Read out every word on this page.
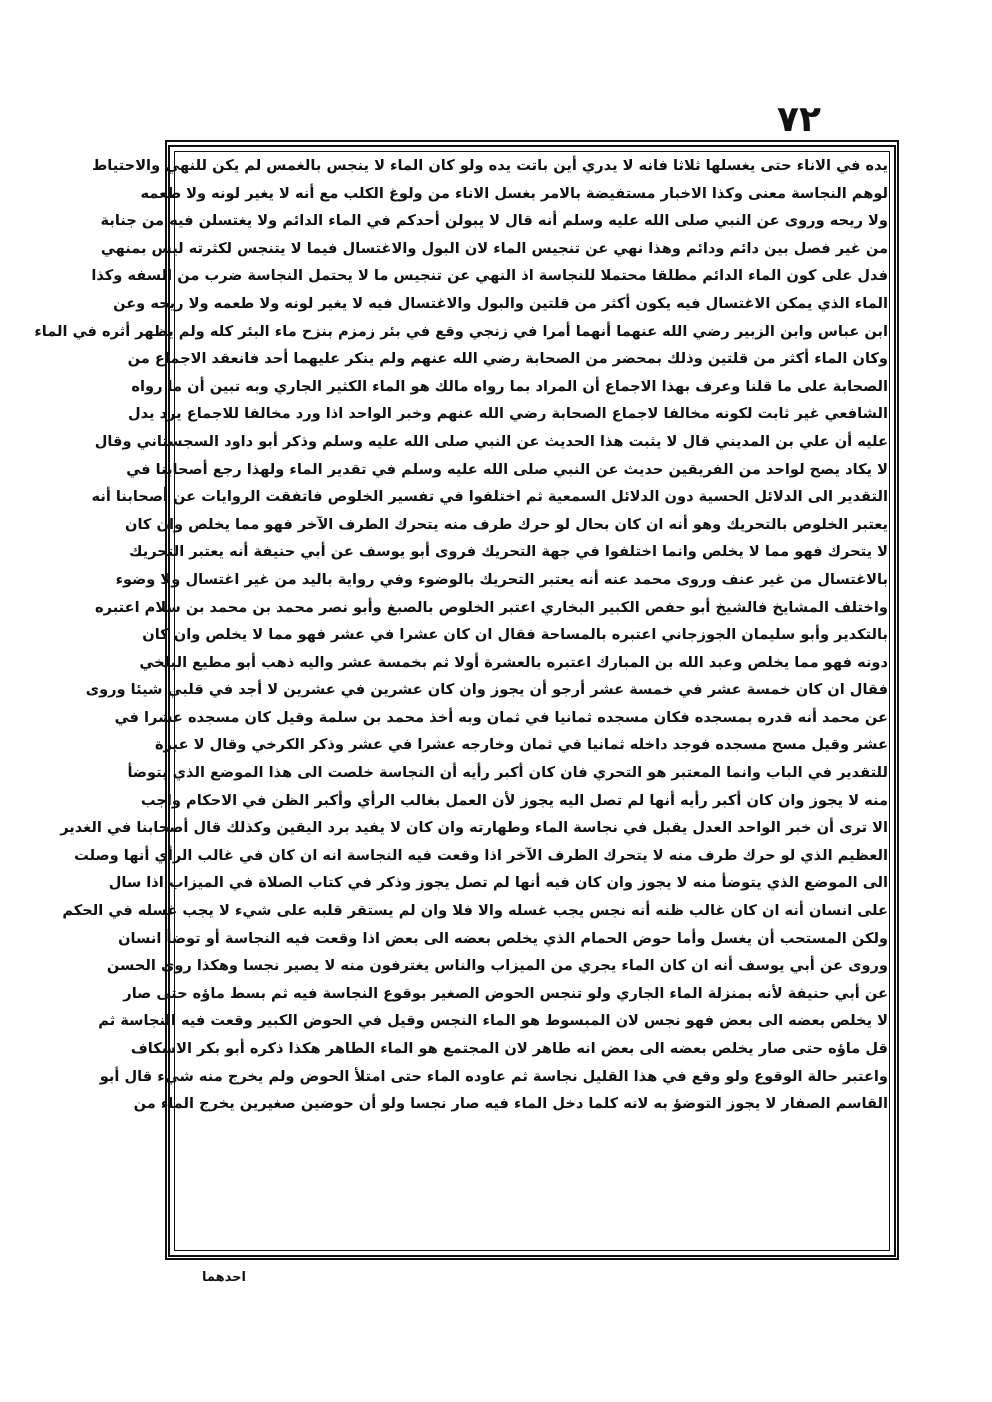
٧٢
يده في الاناء حتى يغسلها ثلاثا فانه لا يدري أين باتت يده ولو كان الماء لا ينجس بالغمس لم يكن للنهي والاحتياط
لوهم النجاسة معنى وكذا الاخبار مستفيضة بالامر بغسل الاناء من ولوغ الكلب مع أنه لا يغير لونه ولا طعمه
ولا ريحه وروى عن النبي صلى الله عليه وسلم أنه قال لا يبولن أحدكم في الماء الدائم ولا يغتسلن فيه من جنابة
من غير فصل بين دائم ودائم وهذا نهي عن تنجيس الماء لان البول والاغتسال فيما لا يتنجس لكثرته ليس بمنهي
فدل على كون الماء الدائم مطلقا محتملا للنجاسة اذ النهي عن تنجيس ما لا يحتمل النجاسة ضرب من السفه وكذا
الماء الذي يمكن الاغتسال فيه يكون أكثر من قلتين والبول والاغتسال فيه لا يغير لونه ولا طعمه ولا ريحه وعن
ابن عباس وابن الزبير رضي الله عنهما أنهما أمرا في زنجي وقع في بئر زمزم بنزح ماء البئر كله ولم يظهر أثره في الماء
وكان الماء أكثر من قلتين وذلك بمحضر من الصحابة رضي الله عنهم ولم ينكر عليهما أحد فانعقد الاجماع من
الصحابة على ما قلنا وعرف بهذا الاجماع أن المراد بما رواه مالك هو الماء الكثير الجاري وبه تبين أن ما رواه
الشافعي غير ثابت لكونه مخالفا لاجماع الصحابة رضي الله عنهم وخبر الواحد اذا ورد مخالفا للاجماع يرد يدل
عليه أن علي بن المديني قال لا يثبت هذا الحديث عن النبي صلى الله عليه وسلم وذكر أبو داود السجستاني وقال
لا يكاد يصح لواحد من الفريقين حديث عن النبي صلى الله عليه وسلم في تقدير الماء ولهذا رجع أصحابنا في
التقدير الى الدلائل الحسية دون الدلائل السمعية ثم اختلفوا في تفسير الخلوص فاتفقت الروايات عن أصحابنا أنه
يعتبر الخلوص بالتحريك وهو أنه ان كان بحال لو حرك طرف منه يتحرك الطرف الآخر فهو مما يخلص وان كان
لا يتحرك فهو مما لا يخلص وانما اختلفوا في جهة التحريك فروى أبو يوسف عن أبي حنيفة أنه يعتبر التحريك
بالاغتسال من غير عنف وروى محمد عنه أنه يعتبر التحريك بالوضوء وفي رواية باليد من غير اغتسال ولا وضوء
واختلف المشايخ فالشيخ أبو حفص الكبير البخاري اعتبر الخلوص بالصبغ وأبو نصر محمد بن محمد بن سلام اعتبره
بالتكدير وأبو سليمان الجوزجاني اعتبره بالمساحة فقال ان كان عشرا في عشر فهو مما لا يخلص وان كان
دونه فهو مما يخلص وعبد الله بن المبارك اعتبره بالعشرة أولا ثم بخمسة عشر واليه ذهب أبو مطيع البلخي
فقال ان كان خمسة عشر في خمسة عشر أرجو أن يجوز وان كان عشرين في عشرين لا أجد في قلبي شيئا وروى
عن محمد أنه قدره بمسجده فكان مسجده ثمانيا في ثمان وبه أخذ محمد بن سلمة وقيل كان مسجده عشرا في
عشر وقيل مسح مسجده فوجد داخله ثمانيا في ثمان وخارجه عشرا في عشر وذكر الكرخي وقال لا عبرة
للتقدير في الباب وانما المعتبر هو التحري فان كان أكبر رأيه أن النجاسة خلصت الى هذا الموضع الذي يتوضأ
منه لا يجوز وان كان أكبر رأيه أنها لم تصل اليه يجوز لأن العمل بغالب الرأي وأكبر الظن في الاحكام واجب
الا ترى أن خبر الواحد العدل يقبل في نجاسة الماء وطهارته وان كان لا يفيد برد اليقين وكذلك قال أصحابنا في الغدير
العظيم الذي لو حرك طرف منه لا يتحرك الطرف الآخر اذا وقعت فيه النجاسة انه ان كان في غالب الرأي أنها وصلت
الى الموضع الذي يتوضأ منه لا يجوز وان كان فيه أنها لم تصل يجوز وذكر في كتاب الصلاة في الميزاب اذا سال
على انسان أنه ان كان غالب ظنه أنه نجس يجب غسله والا فلا وان لم يستقر قلبه على شيء لا يجب غسله في الحكم
ولكن المستحب أن يغسل وأما حوض الحمام الذي يخلص بعضه الى بعض اذا وقعت فيه النجاسة أو توضأ انسان
وروى عن أبي يوسف أنه ان كان الماء يجري من الميزاب والناس يغترفون منه لا يصير نجسا وهكذا روى الحسن
عن أبي حنيفة لأنه بمنزلة الماء الجاري ولو تنجس الحوض الصغير بوقوع النجاسة فيه ثم بسط ماؤه حتى صار
لا يخلص بعضه الى بعض فهو نجس لان المبسوط هو الماء النجس وقيل في الحوض الكبير وقعت فيه النجاسة ثم
قل ماؤه حتى صار يخلص بعضه الى بعض انه طاهر لان المجتمع هو الماء الطاهر هكذا ذكره أبو بكر الاسكاف
واعتبر حالة الوقوع ولو وقع في هذا القليل نجاسة ثم عاوده الماء حتى امتلأ الحوض ولم يخرج منه شيء قال أبو
القاسم الصفار لا يجوز التوضؤ به لانه كلما دخل الماء فيه صار نجسا ولو أن حوضين صغيرين يخرج الماء من
احدهما
